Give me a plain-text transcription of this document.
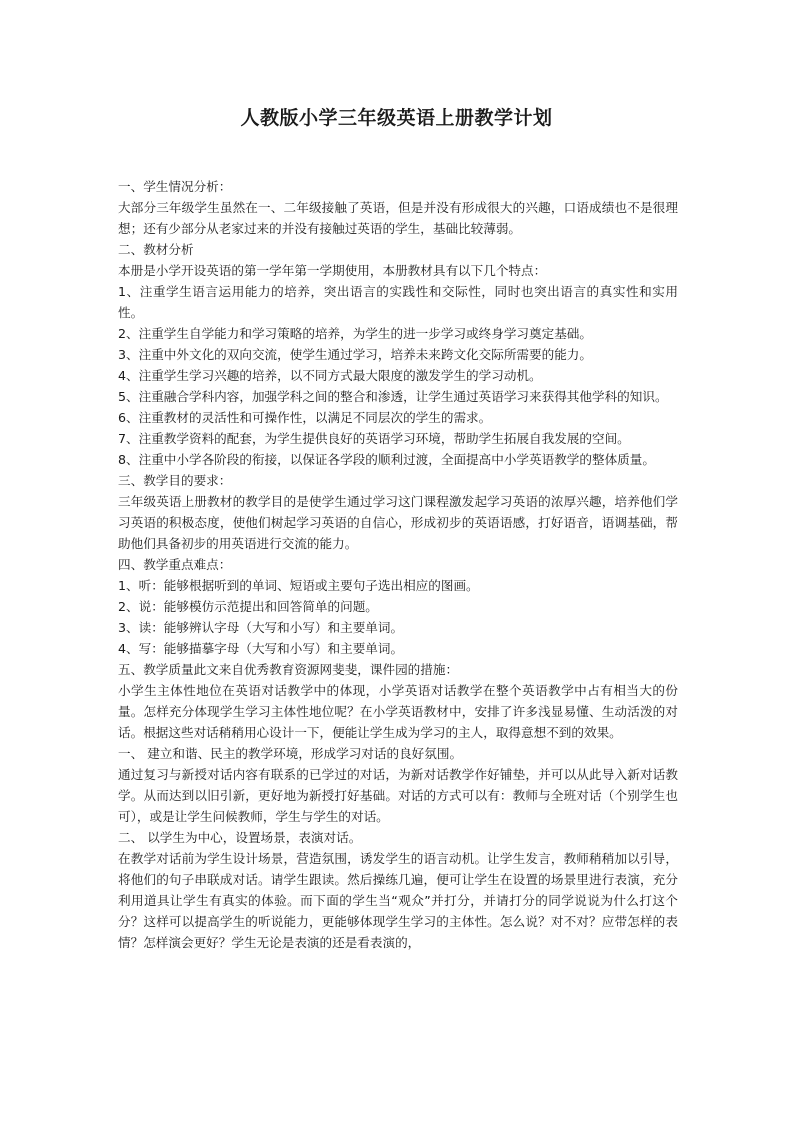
人教版小学三年级英语上册教学计划

一、学生情况分析：

大部分三年级学生虽然在一、二年级接触了英语，但是并没有形成很大的兴趣，口语成绩也不是很理想；还有少部分从老家过来的并没有接触过英语的学生，基础比较薄弱。

二、教材分析

本册是小学开设英语的第一学年第一学期使用，本册教材具有以下几个特点：

1、注重学生语言运用能力的培养，突出语言的实践性和交际性，同时也突出语言的真实性和实用性。

2、注重学生自学能力和学习策略的培养，为学生的进一步学习或终身学习奠定基础。

3、注重中外文化的双向交流，使学生通过学习，培养未来跨文化交际所需要的能力。

4、注重学生学习兴趣的培养，以不同方式最大限度的激发学生的学习动机。

5、注重融合学科内容，加强学科之间的整合和渗透，让学生通过英语学习来获得其他学科的知识。

6、注重教材的灵活性和可操作性，以满足不同层次的学生的需求。

7、注重教学资料的配套，为学生提供良好的英语学习环境，帮助学生拓展自我发展的空间。

8、注重中小学各阶段的衔接，以保证各学段的顺利过渡，全面提高中小学英语教学的整体质量。

三、教学目的要求：

三年级英语上册教材的教学目的是使学生通过学习这门课程激发起学习英语的浓厚兴趣，培养他们学习英语的积极态度，使他们树起学习英语的自信心，形成初步的英语语感，打好语音，语调基础，帮助他们具备初步的用英语进行交流的能力。

四、教学重点难点：

1、听：能够根据听到的单词、短语或主要句子选出相应的图画。

2、说：能够模仿示范提出和回答简单的问题。

3、读：能够辨认字母（大写和小写）和主要单词。

4、写：能够描摹字母（大写和小写）和主要单词。

五、教学质量此文来自优秀教育资源网斐斐，课件园的措施：

小学生主体性地位在英语对话教学中的体现，小学英语对话教学在整个英语教学中占有相当大的份量。怎样充分体现学生学习主体性地位呢？在小学英语教材中，安排了许多浅显易懂、生动活泼的对话。根据这些对话稍稍用心设计一下，便能让学生成为学习的主人，取得意想不到的效果。

一、 建立和谐、民主的教学环境，形成学习对话的良好氛围。

通过复习与新授对话内容有联系的已学过的对话，为新对话教学作好铺垫，并可以从此导入新对话教学。从而达到以旧引新，更好地为新授打好基础。对话的方式可以有：教师与全班对话（个别学生也可），或是让学生问候教师，学生与学生的对话。

二、 以学生为中心，设置场景，表演对话。

在教学对话前为学生设计场景，营造氛围，诱发学生的语言动机。让学生发言，教师稍稍加以引导，将他们的句子串联成对话。请学生跟读。然后操练几遍，便可让学生在设置的场景里进行表演，充分利用道具让学生有真实的体验。而下面的学生当“观众”并打分，并请打分的同学说说为什么打这个分？这样可以提高学生的听说能力，更能够体现学生学习的主体性。怎么说？对不对？应带怎样的表情？怎样演会更好？学生无论是表演的还是看表演的，
